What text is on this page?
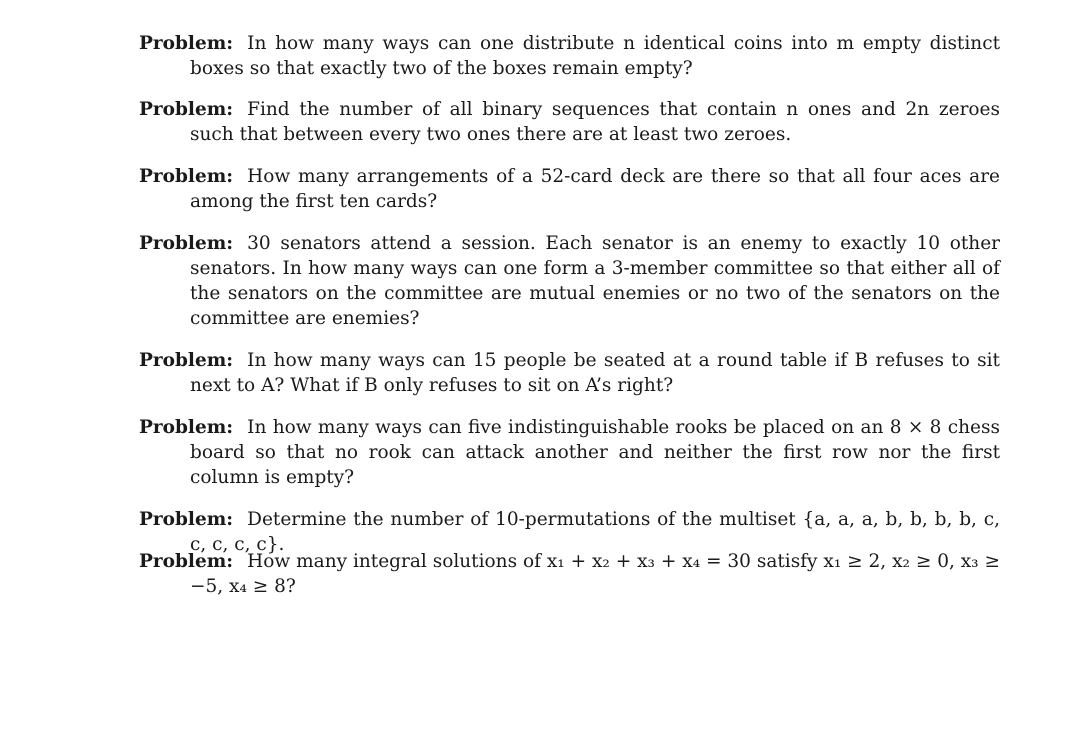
Problem: In how many ways can one distribute n identical coins into m empty distinct boxes so that exactly two of the boxes remain empty?
Problem: Find the number of all binary sequences that contain n ones and 2n zeroes such that between every two ones there are at least two zeroes.
Problem: How many arrangements of a 52-card deck are there so that all four aces are among the first ten cards?
Problem: 30 senators attend a session. Each senator is an enemy to exactly 10 other senators. In how many ways can one form a 3-member committee so that either all of the senators on the committee are mutual enemies or no two of the senators on the committee are enemies?
Problem: In how many ways can 15 people be seated at a round table if B refuses to sit next to A? What if B only refuses to sit on A’s right?
Problem: In how many ways can five indistinguishable rooks be placed on an 8 × 8 chess board so that no rook can attack another and neither the first row nor the first column is empty?
Problem: Determine the number of 10-permutations of the multiset {a, a, a, b, b, b, b, c, c, c, c, c}.
Problem: How many integral solutions of x₁ + x₂ + x₃ + x₄ = 30 satisfy x₁ ≥ 2, x₂ ≥ 0, x₃ ≥ −5, x₄ ≥ 8?
